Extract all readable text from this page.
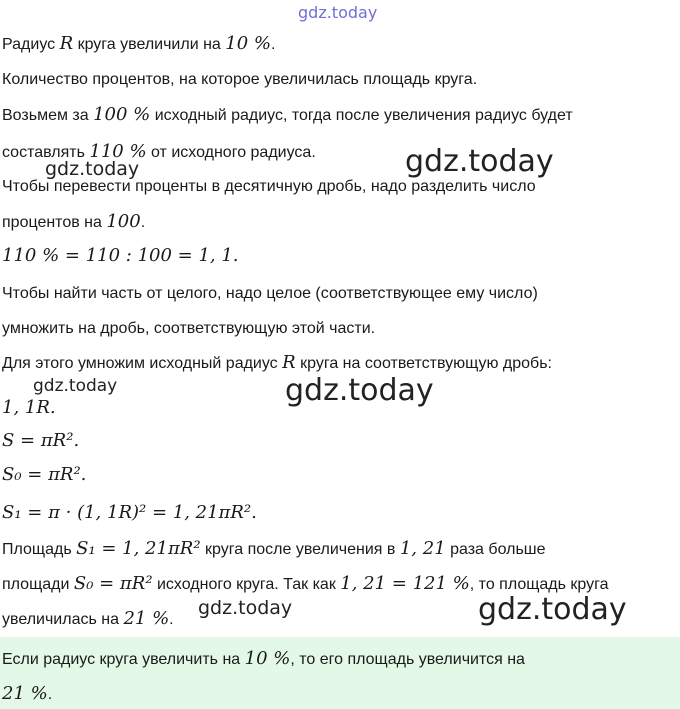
gdz.today
Радиус R круга увеличили на 10 %.
Количество процентов, на которое увеличилась площадь круга.
Возьмем за 100 % исходный радиус, тогда после увеличения радиус будет
составлять 110 % от исходного радиуса.
gdz.today	gdz.today
Чтобы перевести проценты в десятичную дробь, надо разделить число
процентов на 100.
110 % = 110 : 100 = 1, 1.
Чтобы найти часть от целого, надо целое (соответствующее ему число)
умножить на дробь, соответствующую этой части.
Для этого умножим исходный радиус R круга на соответствующую дробь:
gdz.today	gdz.today
1, 1R.
S = πR².
S₀ = πR².
S₁ = π · (1, 1R)² = 1, 21πR².
Площадь S₁ = 1, 21πR² круга после увеличения в 1, 21 раза больше
площади S₀ = πR² исходного круга. Так как 1, 21 = 121 %, то площадь круга
увеличилась на 21 %.
gdz.today	gdz.today
Если радиус круга увеличить на 10 %, то его площадь увеличится на
21 %.
